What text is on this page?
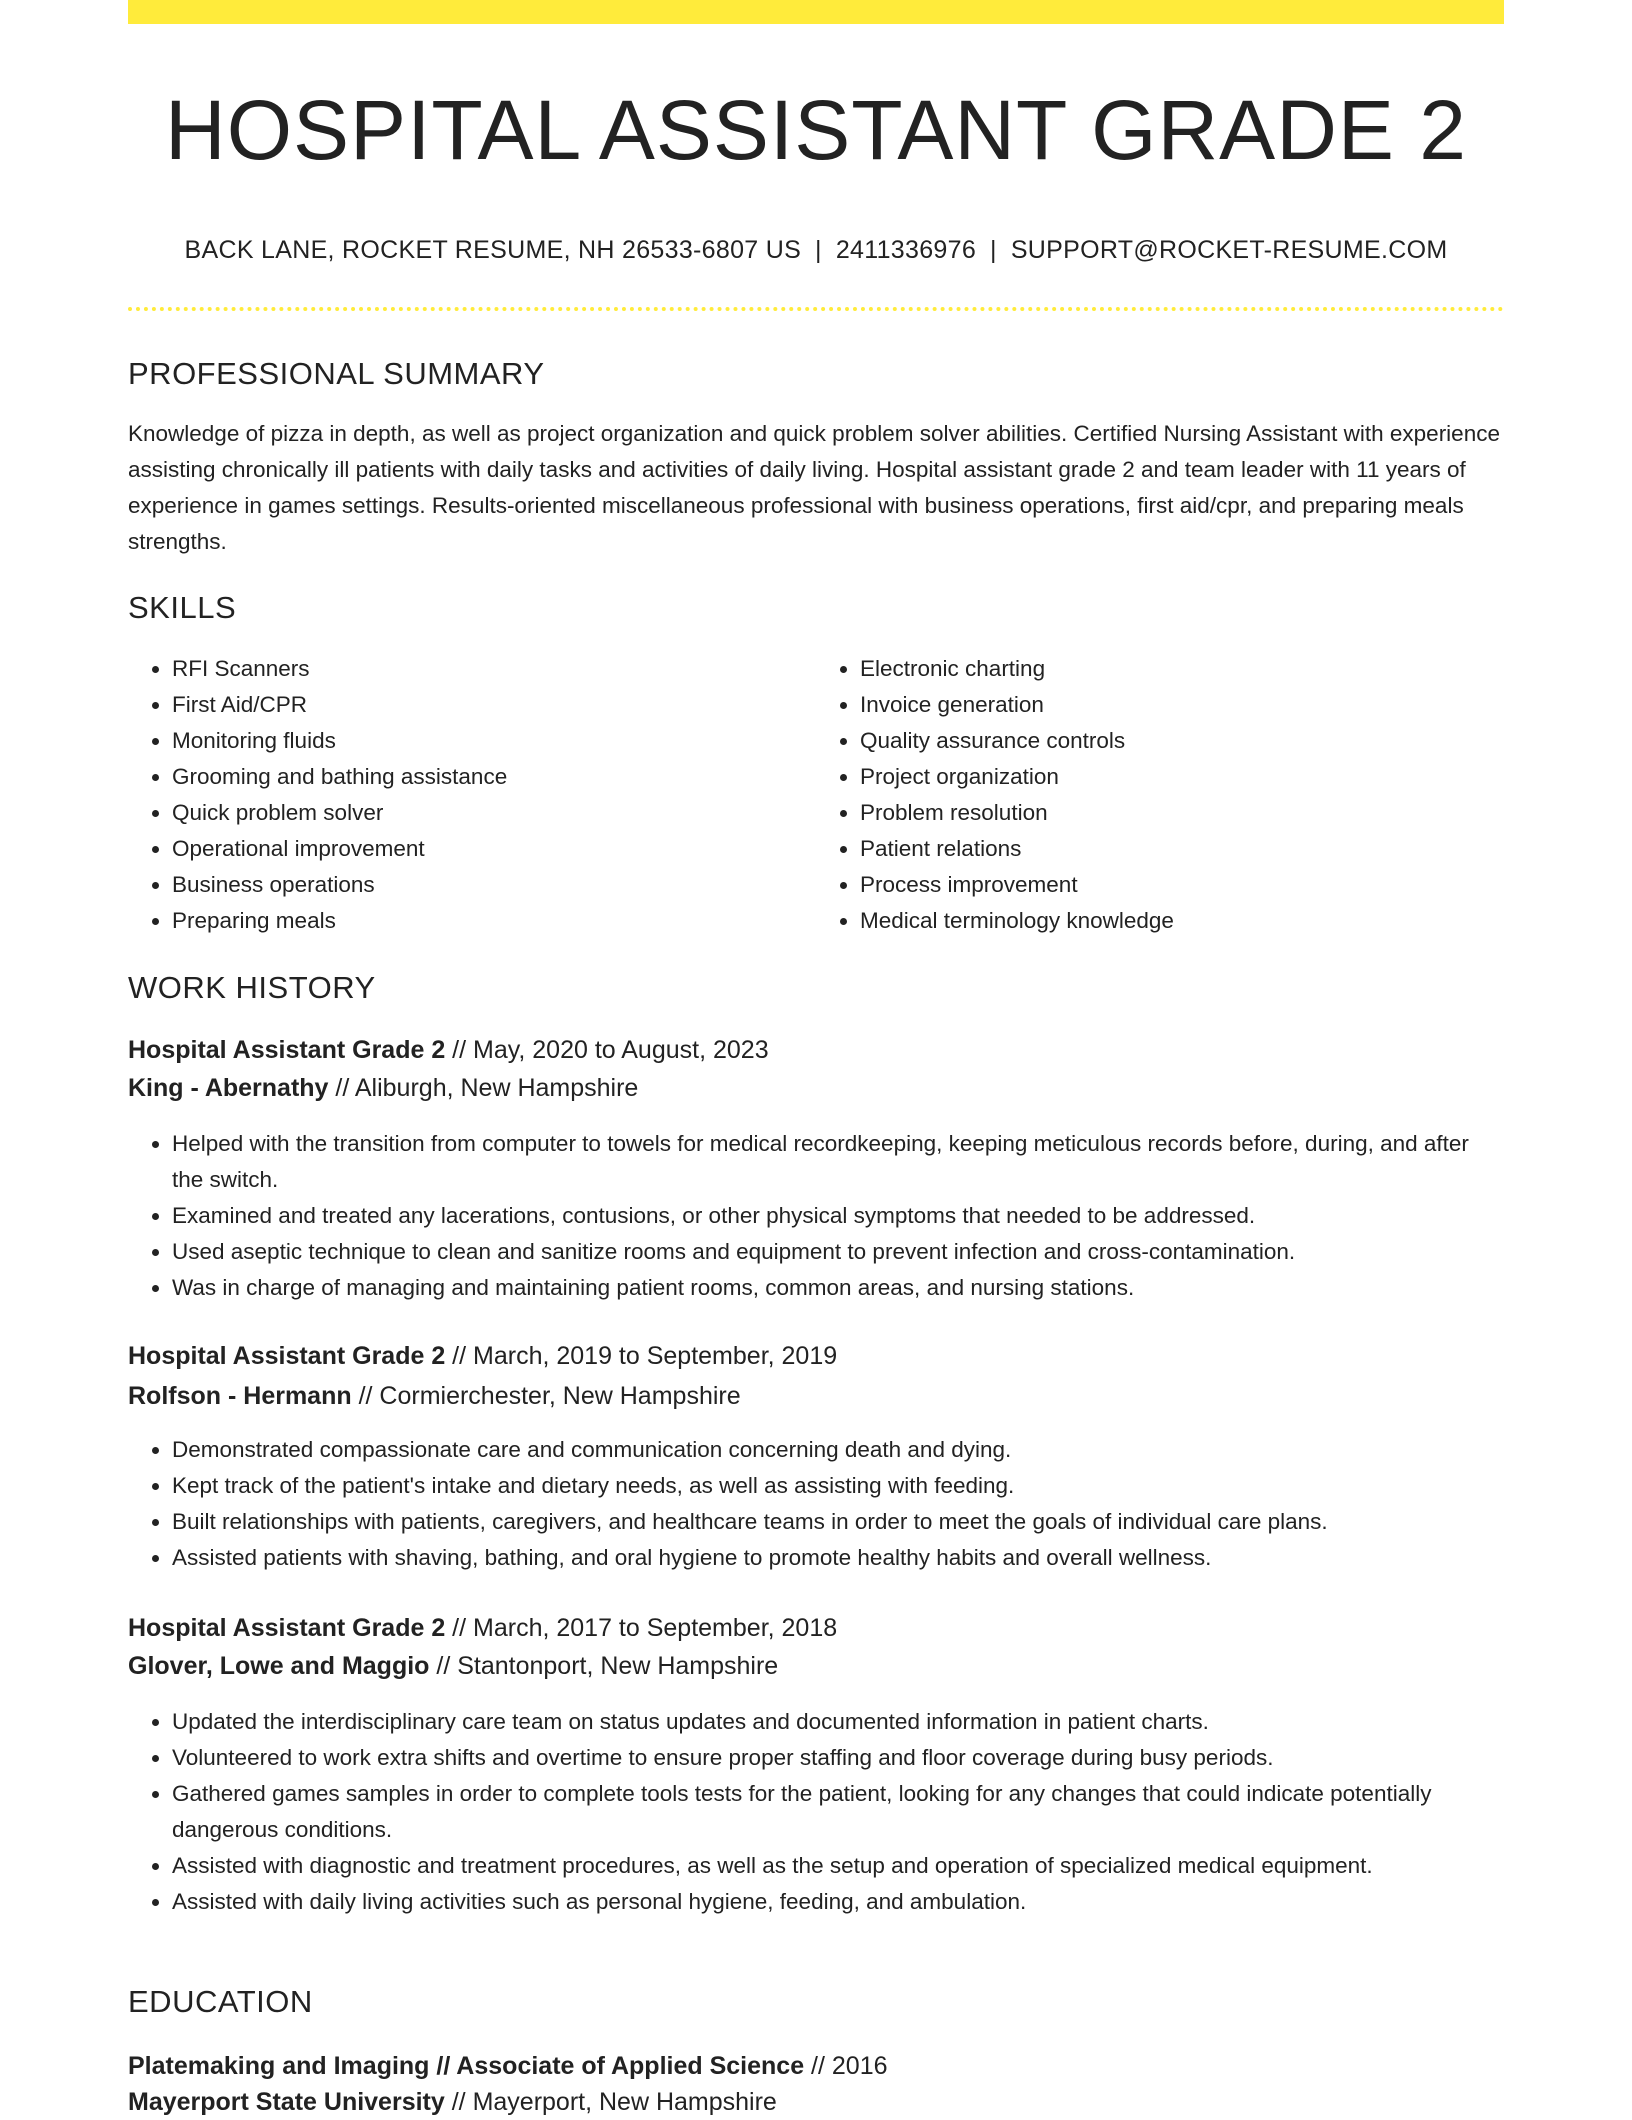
HOSPITAL ASSISTANT GRADE 2
BACK LANE, ROCKET RESUME, NH 26533-6807 US | 2411336976 | SUPPORT@ROCKET-RESUME.COM
PROFESSIONAL SUMMARY

Knowledge of pizza in depth, as well as project organization and quick problem solver abilities. Certified Nursing Assistant with experience assisting chronically ill patients with daily tasks and activities of daily living. Hospital assistant grade 2 and team leader with 11 years of experience in games settings. Results-oriented miscellaneous professional with business operations, first aid/cpr, and preparing meals strengths.

SKILLS
• RFI Scanners
• First Aid/CPR
• Monitoring fluids
• Grooming and bathing assistance
• Quick problem solver
• Operational improvement
• Business operations
• Preparing meals
• Electronic charting
• Invoice generation
• Quality assurance controls
• Project organization
• Problem resolution
• Patient relations
• Process improvement
• Medical terminology knowledge
WORK HISTORY

Hospital Assistant Grade 2 // May, 2020 to August, 2023

King - Abernathy // Aliburgh, New Hampshire

• Helped with the transition from computer to towels for medical recordkeeping, keeping meticulous records before, during, and after the switch.
• Examined and treated any lacerations, contusions, or other physical symptoms that needed to be addressed.
• Used aseptic technique to clean and sanitize rooms and equipment to prevent infection and cross-contamination.
• Was in charge of managing and maintaining patient rooms, common areas, and nursing stations.

Hospital Assistant Grade 2 // March, 2019 to September, 2019

Rolfson - Hermann // Cormierchester, New Hampshire

• Demonstrated compassionate care and communication concerning death and dying.
• Kept track of the patient's intake and dietary needs, as well as assisting with feeding.
• Built relationships with patients, caregivers, and healthcare teams in order to meet the goals of individual care plans.
• Assisted patients with shaving, bathing, and oral hygiene to promote healthy habits and overall wellness.

Hospital Assistant Grade 2 // March, 2017 to September, 2018

Glover, Lowe and Maggio // Stantonport, New Hampshire

• Updated the interdisciplinary care team on status updates and documented information in patient charts.
• Volunteered to work extra shifts and overtime to ensure proper staffing and floor coverage during busy periods.
• Gathered games samples in order to complete tools tests for the patient, looking for any changes that could indicate potentially dangerous conditions.
• Assisted with diagnostic and treatment procedures, as well as the setup and operation of specialized medical equipment.
• Assisted with daily living activities such as personal hygiene, feeding, and ambulation.
EDUCATION

Platemaking and Imaging // Associate of Applied Science // 2016

Mayerport State University // Mayerport, New Hampshire
